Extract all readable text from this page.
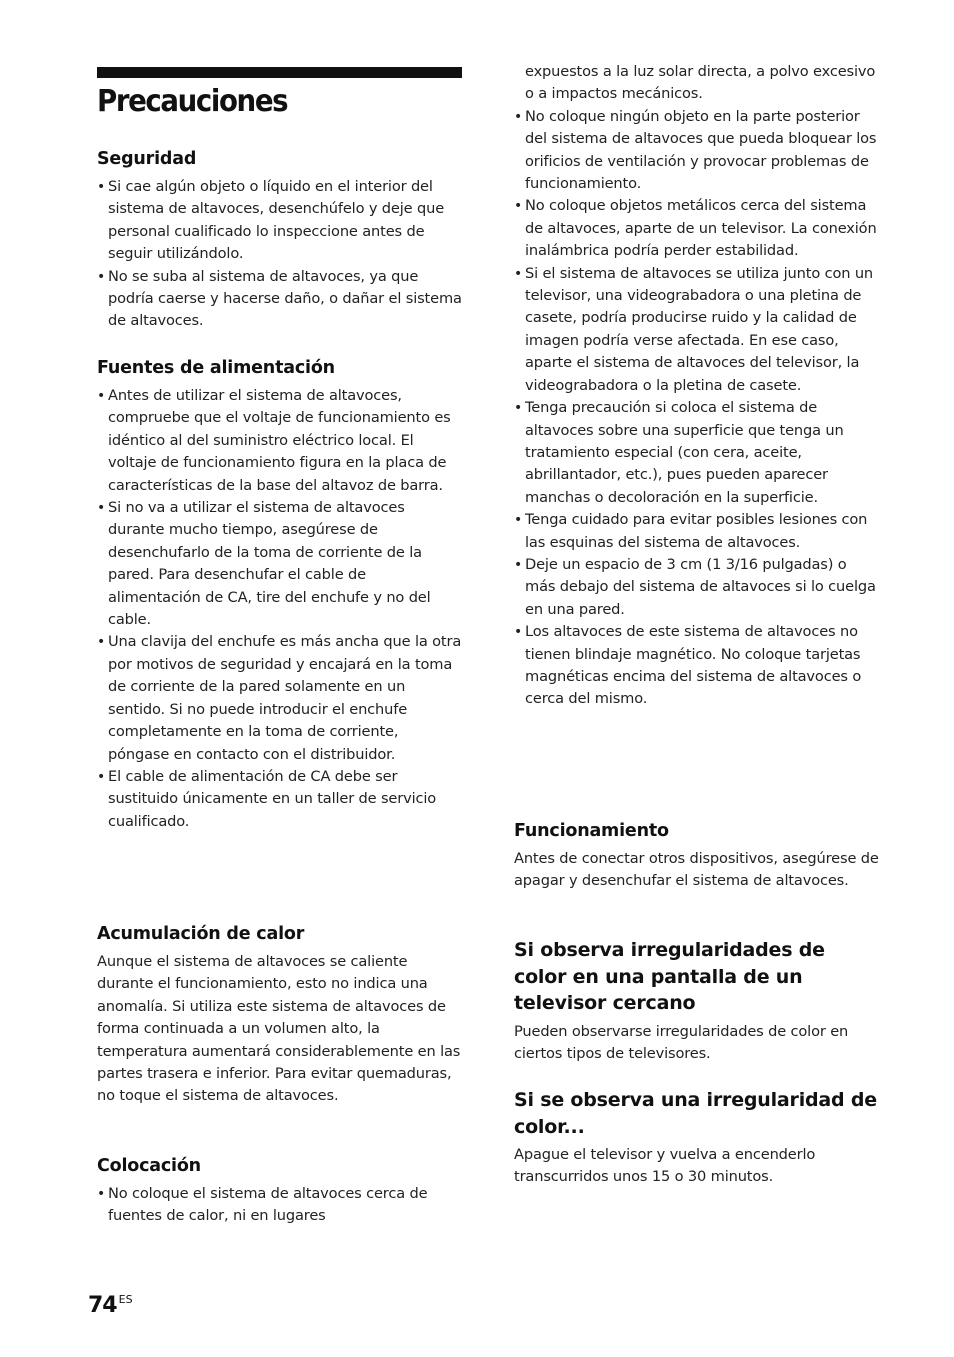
Precauciones
Seguridad
• Si cae algún objeto o líquido en el interior del sistema de altavoces, desenchúfelo y deje que personal cualificado lo inspeccione antes de seguir utilizándolo.
• No se suba al sistema de altavoces, ya que podría caerse y hacerse daño, o dañar el sistema de altavoces.
Fuentes de alimentación
• Antes de utilizar el sistema de altavoces, compruebe que el voltaje de funcionamiento es idéntico al del suministro eléctrico local. El voltaje de funcionamiento figura en la placa de características de la base del altavoz de barra.
• Si no va a utilizar el sistema de altavoces durante mucho tiempo, asegúrese de desenchufarlo de la toma de corriente de la pared. Para desenchufar el cable de alimentación de CA, tire del enchufe y no del cable.
• Una clavija del enchufe es más ancha que la otra por motivos de seguridad y encajará en la toma de corriente de la pared solamente en un sentido. Si no puede introducir el enchufe completamente en la toma de corriente, póngase en contacto con el distribuidor.
• El cable de alimentación de CA debe ser sustituido únicamente en un taller de servicio cualificado.
Acumulación de calor

Aunque el sistema de altavoces se caliente durante el funcionamiento, esto no indica una anomalía. Si utiliza este sistema de altavoces de forma continuada a un volumen alto, la temperatura aumentará considerablemente en las partes trasera e inferior. Para evitar quemaduras, no toque el sistema de altavoces.

Colocación
• No coloque el sistema de altavoces cerca de fuentes de calor, ni en lugares
expuestos a la luz solar directa, a polvo excesivo o a impactos mecánicos.
• No coloque ningún objeto en la parte posterior del sistema de altavoces que pueda bloquear los orificios de ventilación y provocar problemas de funcionamiento.
• No coloque objetos metálicos cerca del sistema de altavoces, aparte de un televisor. La conexión inalámbrica podría perder estabilidad.
• Si el sistema de altavoces se utiliza junto con un televisor, una videograbadora o una pletina de casete, podría producirse ruido y la calidad de imagen podría verse afectada. En ese caso, aparte el sistema de altavoces del televisor, la videograbadora o la pletina de casete.
• Tenga precaución si coloca el sistema de altavoces sobre una superficie que tenga un tratamiento especial (con cera, aceite, abrillantador, etc.), pues pueden aparecer manchas o decoloración en la superficie.
• Tenga cuidado para evitar posibles lesiones con las esquinas del sistema de altavoces.
• Deje un espacio de 3 cm (1 3/16 pulgadas) o más debajo del sistema de altavoces si lo cuelga en una pared.
• Los altavoces de este sistema de altavoces no tienen blindaje magnético. No coloque tarjetas magnéticas encima del sistema de altavoces o cerca del mismo.
Funcionamiento

Antes de conectar otros dispositivos, asegúrese de apagar y desenchufar el sistema de altavoces.

Si observa irregularidades de color en una pantalla de un televisor cercano

Pueden observarse irregularidades de color en ciertos tipos de televisores.

Si se observa una irregularidad de color...

Apague el televisor y vuelva a encenderlo transcurridos unos 15 o 30 minutos.

74 $^{ES}$
